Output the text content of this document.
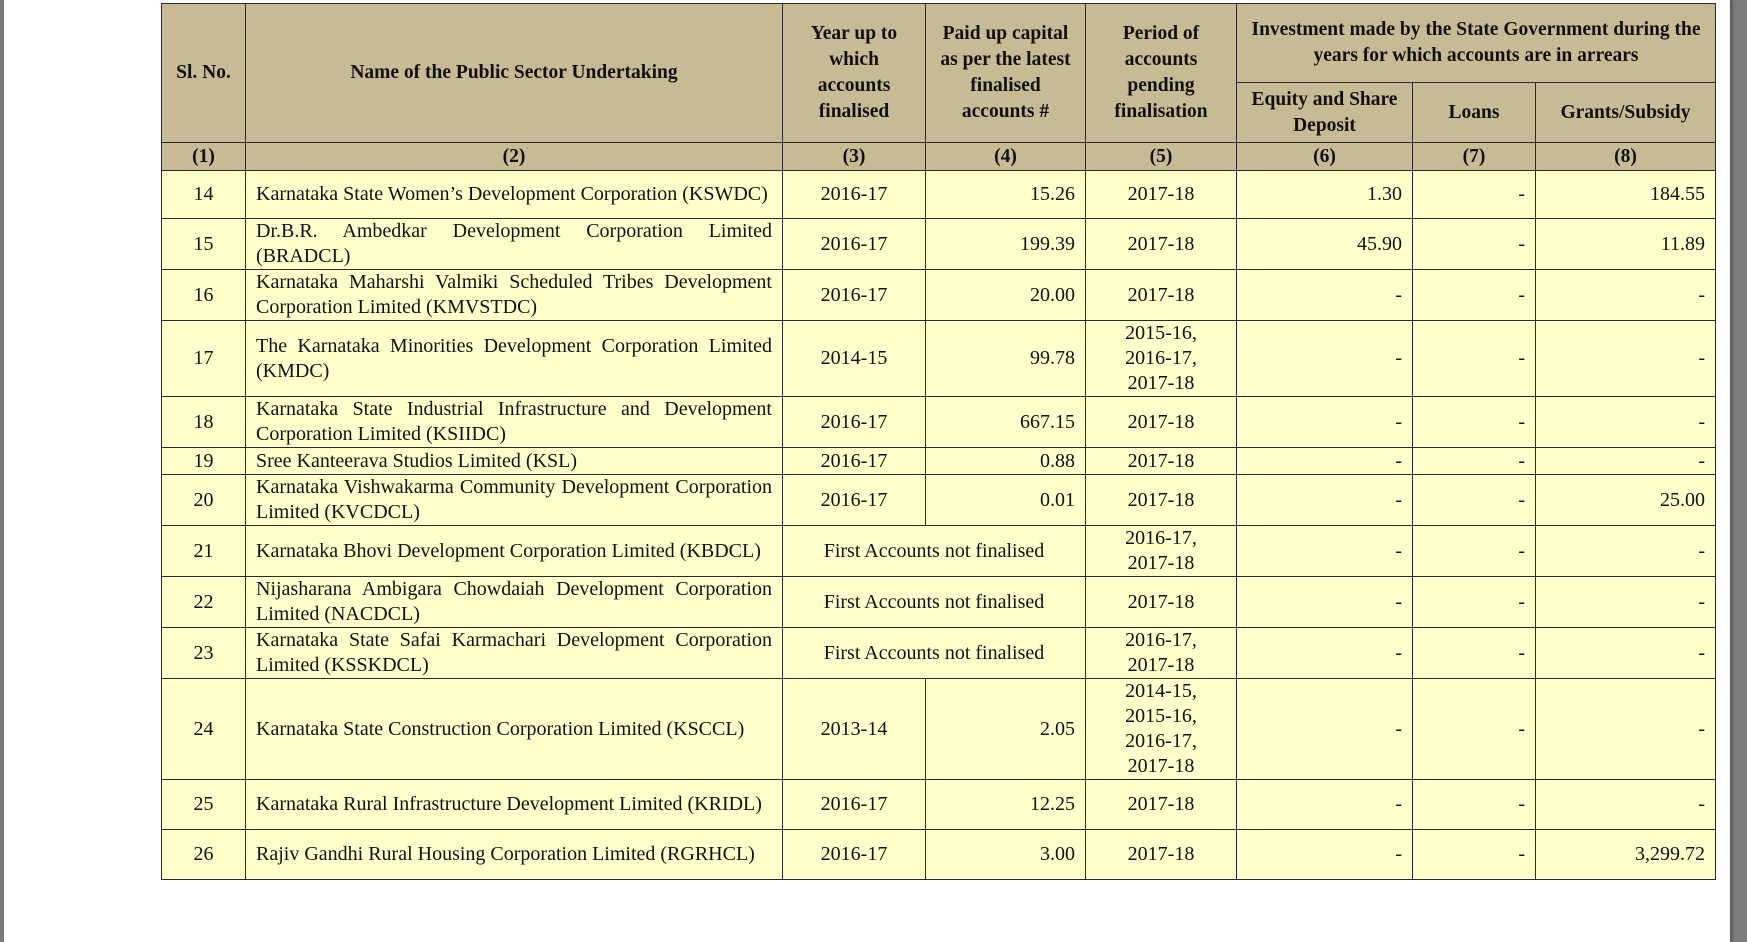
Sl. No.	Name of the Public Sector Undertaking	Year up to which accounts finalised	Paid up capital as per the latest finalised accounts #	Period of accounts pending finalisation	Investment made by the State Government during the years for which accounts are in arrears		
					Equity and Share Deposit	Loans	Grants/Subsidy
(1)	(2)	(3)	(4)	(5)	(6)	(7)	(8)
14	Karnataka State Women’s Development Corporation (KSWDC)	2016-17	15.26	2017-18	1.30	-	184.55
15	Dr.B.R. Ambedkar Development Corporation Limited (BRADCL)	2016-17	199.39	2017-18	45.90	-	11.89
16	Karnataka Maharshi Valmiki Scheduled Tribes Development Corporation Limited (KMVSTDC)	2016-17	20.00	2017-18	-	-	-
17	The Karnataka Minorities Development Corporation Limited (KMDC)	2014-15	99.78	2015-16,
2016-17,
2017-18	-	-	-
18	Karnataka State Industrial Infrastructure and Development Corporation Limited (KSIIDC)	2016-17	667.15	2017-18	-	-	-
19	Sree Kanteerava Studios Limited (KSL)	2016-17	0.88	2017-18	-	-	-
20	Karnataka Vishwakarma Community Development Corporation Limited (KVCDCL)	2016-17	0.01	2017-18	-	-	25.00
21	Karnataka Bhovi Development Corporation Limited (KBDCL)	First Accounts not finalised		2016-17,
2017-18	-	-	-
22	Nijasharana Ambigara Chowdaiah Development Corporation Limited (NACDCL)	First Accounts not finalised		2017-18	-	-	-
23	Karnataka State Safai Karmachari Development Corporation Limited (KSSKDCL)	First Accounts not finalised		2016-17,
2017-18	-	-	-
24	Karnataka State Construction Corporation Limited (KSCCL)	2013-14	2.05	2014-15,
2015-16,
2016-17,
2017-18	-	-	-
25	Karnataka Rural Infrastructure Development Limited (KRIDL)	2016-17	12.25	2017-18	-	-	-
26	Rajiv Gandhi Rural Housing Corporation Limited (RGRHCL)	2016-17	3.00	2017-18	-	-	3,299.72
